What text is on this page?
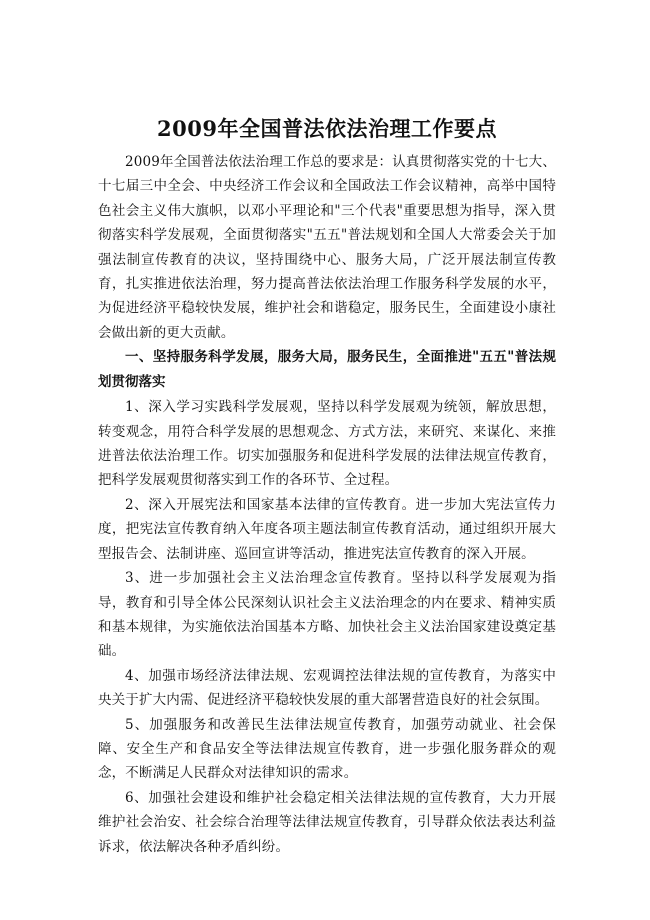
2009年全国普法依法治理工作要点

2009年全国普法依法治理工作总的要求是：认真贯彻落实党的十七大、十七届三中全会、中央经济工作会议和全国政法工作会议精神，高举中国特色社会主义伟大旗帜，以邓小平理论和"三个代表"重要思想为指导，深入贯彻落实科学发展观，全面贯彻落实"五五"普法规划和全国人大常委会关于加强法制宣传教育的决议，坚持围绕中心、服务大局，广泛开展法制宣传教育，扎实推进依法治理，努力提高普法依法治理工作服务科学发展的水平，为促进经济平稳较快发展，维护社会和谐稳定，服务民生，全面建设小康社会做出新的更大贡献。

一、坚持服务科学发展，服务大局，服务民生，全面推进"五五"普法规划贯彻落实

1、深入学习实践科学发展观，坚持以科学发展观为统领，解放思想，转变观念，用符合科学发展的思想观念、方式方法，来研究、来谋化、来推进普法依法治理工作。切实加强服务和促进科学发展的法律法规宣传教育，把科学发展观贯彻落实到工作的各环节、全过程。

2、深入开展宪法和国家基本法律的宣传教育。进一步加大宪法宣传力度，把宪法宣传教育纳入年度各项主题法制宣传教育活动，通过组织开展大型报告会、法制讲座、巡回宣讲等活动，推进宪法宣传教育的深入开展。

3、进一步加强社会主义法治理念宣传教育。坚持以科学发展观为指导，教育和引导全体公民深刻认识社会主义法治理念的内在要求、精神实质和基本规律，为实施依法治国基本方略、加快社会主义法治国家建设奠定基础。

4、加强市场经济法律法规、宏观调控法律法规的宣传教育，为落实中央关于扩大内需、促进经济平稳较快发展的重大部署营造良好的社会氛围。

5、加强服务和改善民生法律法规宣传教育，加强劳动就业、社会保障、安全生产和食品安全等法律法规宣传教育，进一步强化服务群众的观念，不断满足人民群众对法律知识的需求。

6、加强社会建设和维护社会稳定相关法律法规的宣传教育，大力开展维护社会治安、社会综合治理等法律法规宣传教育，引导群众依法表达利益诉求，依法解决各种矛盾纠纷。
